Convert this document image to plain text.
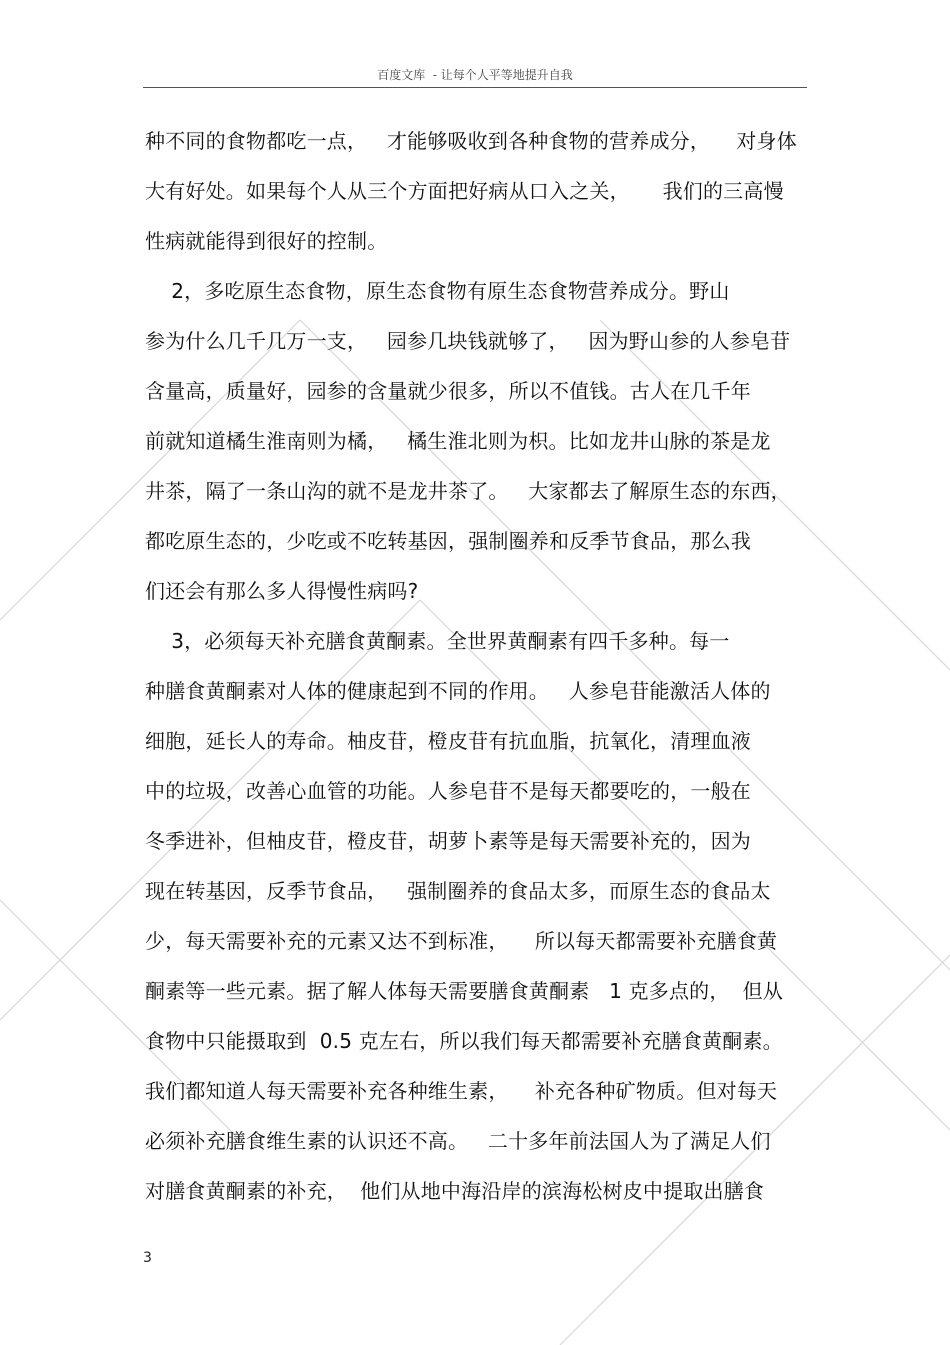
百度文库  - 让每个人平等地提升自我
种不同的食物都吃一点，   才能够吸收到各种食物的营养成分，    对身体
大有好处。如果每个人从三个方面把好病从口入之关，     我们的三高慢
性病就能得到很好的控制。
2，多吃原生态食物，原生态食物有原生态食物营养成分。野山
参为什么几千几万一支，   园参几块钱就够了，   因为野山参的人参皂苷
含量高，质量好，园参的含量就少很多，所以不值钱。古人在几千年
前就知道橘生淮南则为橘，   橘生淮北则为枳。比如龙井山脉的茶是龙
井茶，隔了一条山沟的就不是龙井茶了。   大家都去了解原生态的东西，
都吃原生态的，少吃或不吃转基因，强制圈养和反季节食品，那么我
们还会有那么多人得慢性病吗?
3，必须每天补充膳食黄酮素。全世界黄酮素有四千多种。每一
种膳食黄酮素对人体的健康起到不同的作用。   人参皂苷能激活人体的
细胞，延长人的寿命。柚皮苷，橙皮苷有抗血脂，抗氧化，清理血液
中的垃圾，改善心血管的功能。人参皂苷不是每天都要吃的，一般在
冬季进补，但柚皮苷，橙皮苷，胡萝卜素等是每天需要补充的，因为
现在转基因，反季节食品，   强制圈养的食品太多，而原生态的食品太
少，每天需要补充的元素又达不到标准，    所以每天都需要补充膳食黄
酮素等一些元素。据了解人体每天需要膳食黄酮素   1 克多点的，  但从
食物中只能摄取到  0.5 克左右，所以我们每天都需要补充膳食黄酮素。
我们都知道人每天需要补充各种维生素，    补充各种矿物质。但对每天
必须补充膳食维生素的认识还不高。   二十多年前法国人为了满足人们
对膳食黄酮素的补充，  他们从地中海沿岸的滨海松树皮中提取出膳食
3
